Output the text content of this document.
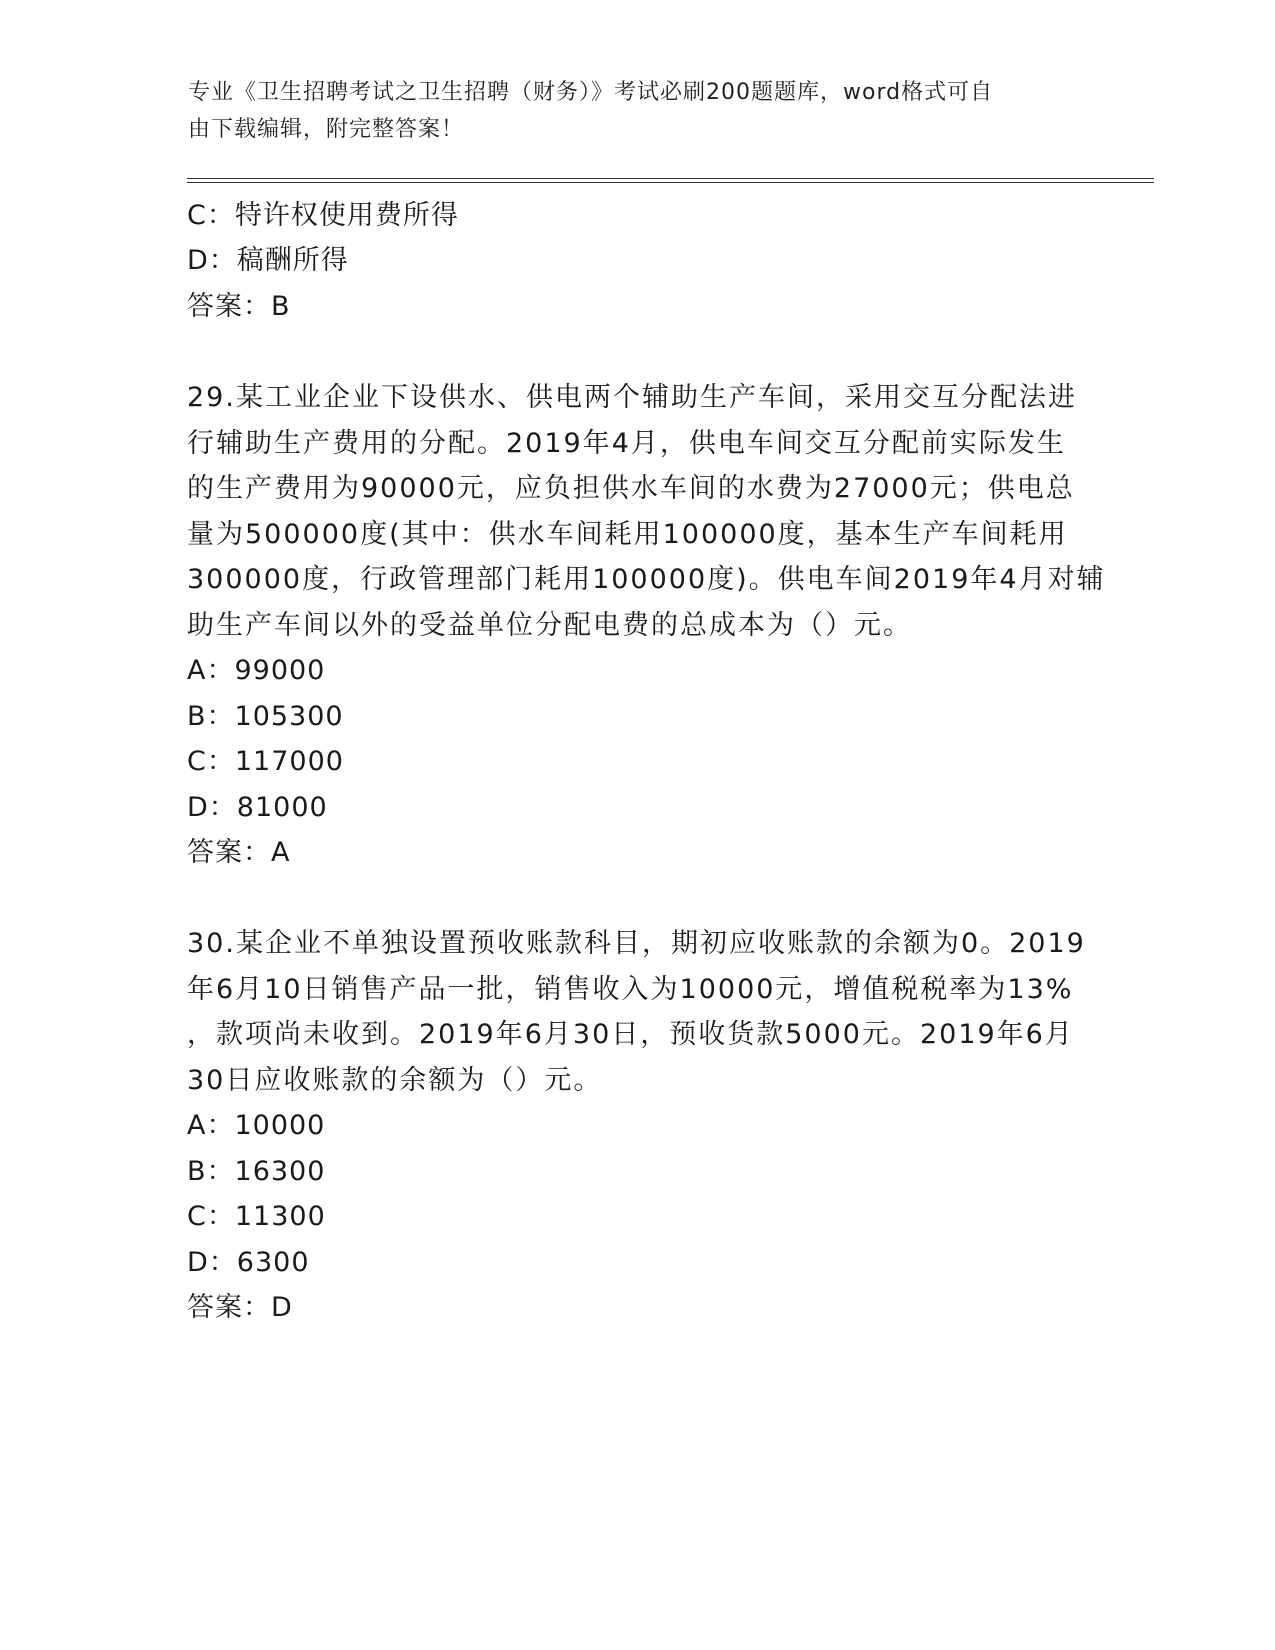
专业《卫生招聘考试之卫生招聘（财务）》考试必刷200题题库，word格式可自
由下载编辑，附完整答案！
C：特许权使用费所得
D：稿酬所得
答案：B
29.某工业企业下设供水、供电两个辅助生产车间，采用交互分配法进
行辅助生产费用的分配。2019年4月，供电车间交互分配前实际发生
的生产费用为90000元，应负担供水车间的水费为27000元；供电总
量为500000度(其中：供水车间耗用100000度，基本生产车间耗用
300000度，行政管理部门耗用100000度)。供电车间2019年4月对辅
助生产车间以外的受益单位分配电费的总成本为（）元。
A：99000
B：105300
C：117000
D：81000
答案：A
30.某企业不单独设置预收账款科目，期初应收账款的余额为0。2019
年6月10日销售产品一批，销售收入为10000元，增值税税率为13%
，款项尚未收到。2019年6月30日，预收货款5000元。2019年6月
30日应收账款的余额为（）元。
A：10000
B：16300
C：11300
D：6300
答案：D
